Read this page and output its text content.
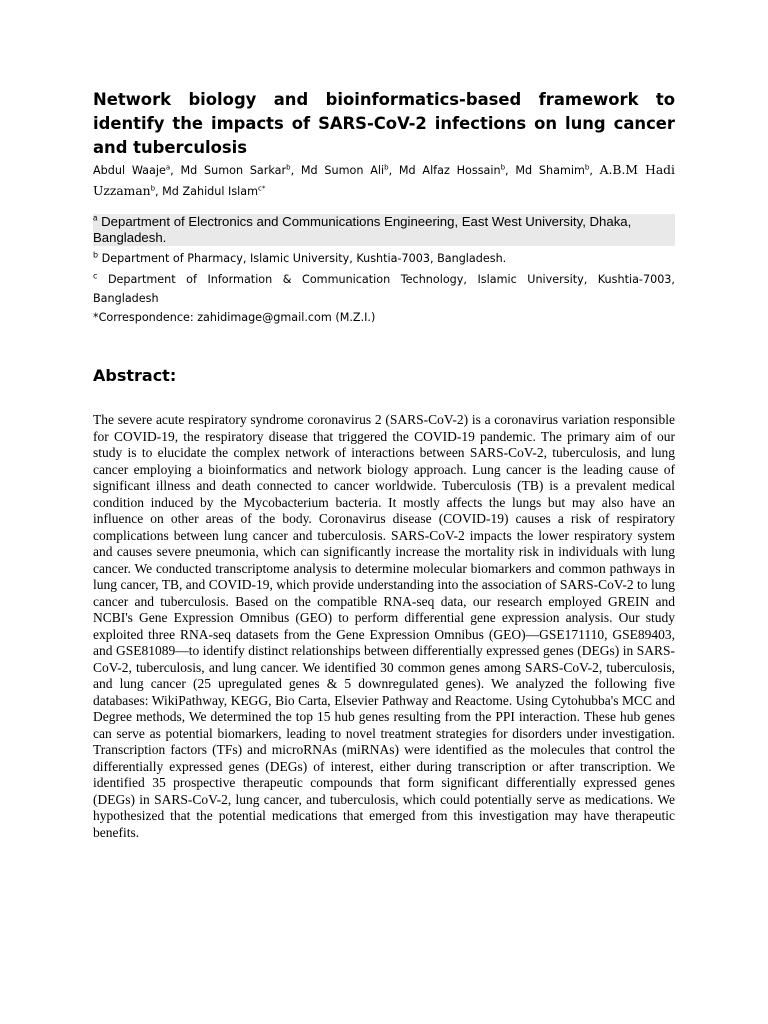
Network biology and bioinformatics-based framework to identify the impacts of SARS-CoV-2 infections on lung cancer and tuberculosis

Abdul Waaje$^a$, Md Sumon Sarkar$^b$, Md Sumon Ali$^b$, Md Alfaz Hossain$^b$, Md Shamim$^b$, A.B.M Hadi Uzzaman$^b$, Md Zahidul Islam$^{c*}$

$^a$ Department of Electronics and Communications Engineering, East West University, Dhaka, Bangladesh.

$^b$ Department of Pharmacy, Islamic University, Kushtia-7003, Bangladesh.

$^c$ Department of Information & Communication Technology, Islamic University, Kushtia-7003, Bangladesh

*Correspondence: zahidimage@gmail.com (M.Z.I.)

Abstract:

The severe acute respiratory syndrome coronavirus 2 (SARS-CoV-2) is a coronavirus variation responsible for COVID-19, the respiratory disease that triggered the COVID-19 pandemic. The primary aim of our study is to elucidate the complex network of interactions between SARS-CoV-2, tuberculosis, and lung cancer employing a bioinformatics and network biology approach. Lung cancer is the leading cause of significant illness and death connected to cancer worldwide. Tuberculosis (TB) is a prevalent medical condition induced by the Mycobacterium bacteria. It mostly affects the lungs but may also have an influence on other areas of the body. Coronavirus disease (COVID-19) causes a risk of respiratory complications between lung cancer and tuberculosis. SARS-CoV-2 impacts the lower respiratory system and causes severe pneumonia, which can significantly increase the mortality risk in individuals with lung cancer. We conducted transcriptome analysis to determine molecular biomarkers and common pathways in lung cancer, TB, and COVID-19, which provide understanding into the association of SARS-CoV-2 to lung cancer and tuberculosis. Based on the compatible RNA-seq data, our research employed GREIN and NCBI's Gene Expression Omnibus (GEO) to perform differential gene expression analysis. Our study exploited three RNA-seq datasets from the Gene Expression Omnibus (GEO)—GSE171110, GSE89403, and GSE81089—to identify distinct relationships between differentially expressed genes (DEGs) in SARS-CoV-2, tuberculosis, and lung cancer. We identified 30 common genes among SARS-CoV-2, tuberculosis, and lung cancer (25 upregulated genes & 5 downregulated genes). We analyzed the following five databases: WikiPathway, KEGG, Bio Carta, Elsevier Pathway and Reactome. Using Cytohubba's MCC and Degree methods, We determined the top 15 hub genes resulting from the PPI interaction. These hub genes can serve as potential biomarkers, leading to novel treatment strategies for disorders under investigation. Transcription factors (TFs) and microRNAs (miRNAs) were identified as the molecules that control the differentially expressed genes (DEGs) of interest, either during transcription or after transcription. We identified 35 prospective therapeutic compounds that form significant differentially expressed genes (DEGs) in SARS-CoV-2, lung cancer, and tuberculosis, which could potentially serve as medications. We hypothesized that the potential medications that emerged from this investigation may have therapeutic benefits.
